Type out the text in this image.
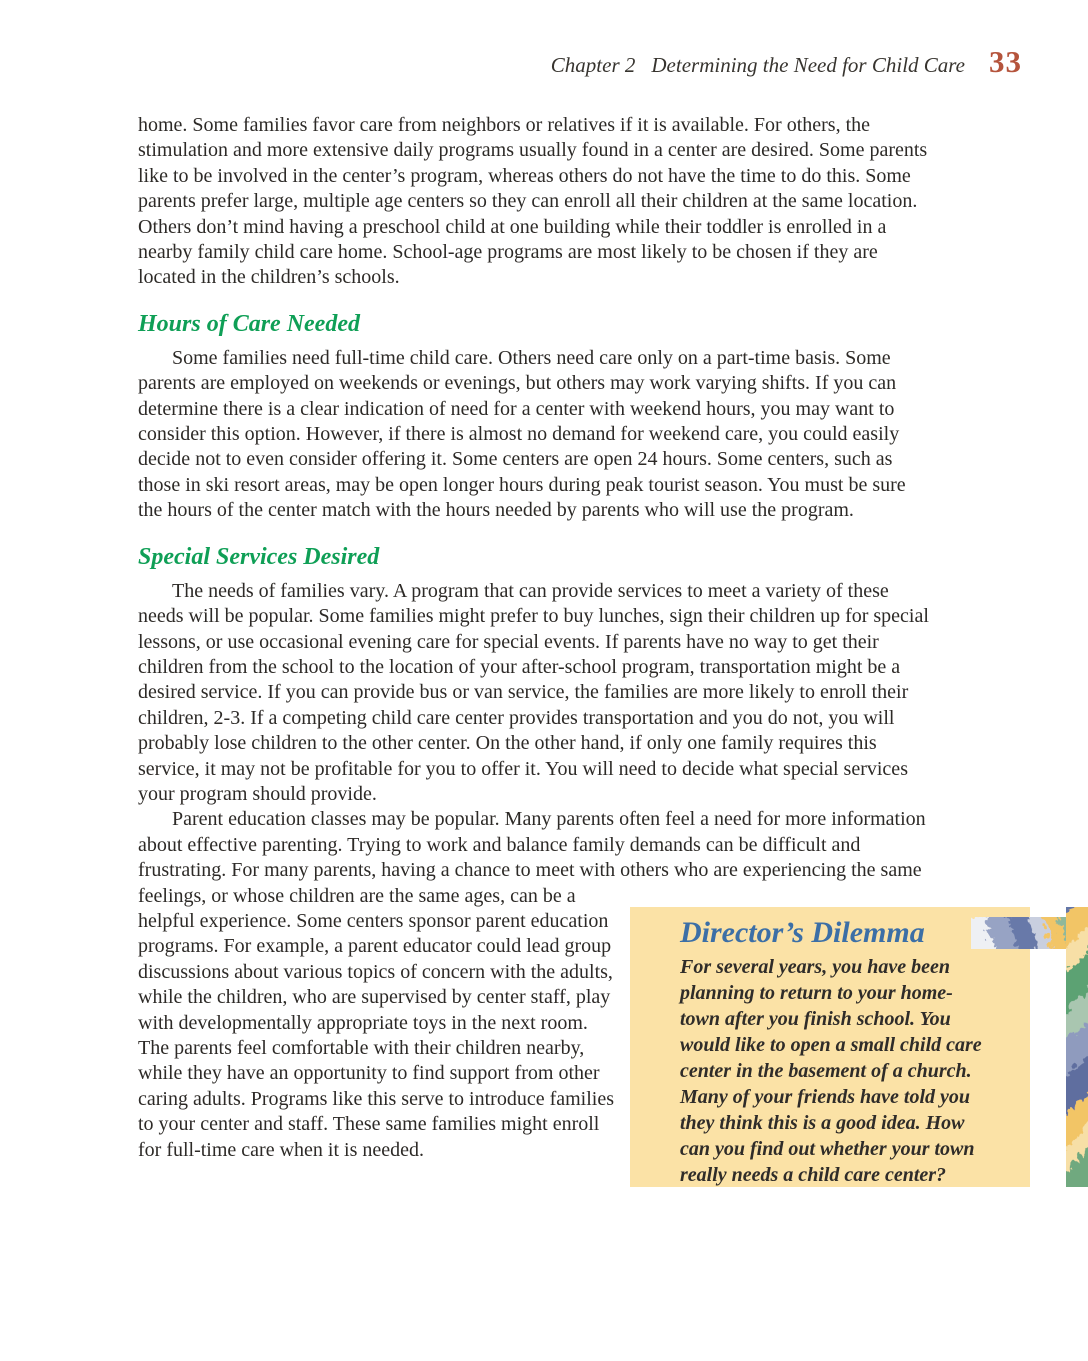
Chapter 2 Determining the Need for Child Care 33

home. Some families favor care from neighbors or relatives if it is available. For others, the stimulation and more extensive daily programs usually found in a center are desired. Some parents like to be involved in the center’s program, whereas others do not have the time to do this. Some parents prefer large, multiple age centers so they can enroll all their children at the same location. Others don’t mind having a preschool child at one building while their toddler is enrolled in a nearby family child care home. School-age programs are most likely to be chosen if they are located in the children’s schools.

Hours of Care Needed

Some families need full-time child care. Others need care only on a part-time basis. Some parents are employed on weekends or evenings, but others may work varying shifts. If you can determine there is a clear indication of need for a center with weekend hours, you may want to consider this option. However, if there is almost no demand for weekend care, you could easily decide not to even consider offering it. Some centers are open 24 hours. Some centers, such as those in ski resort areas, may be open longer hours during peak tourist season. You must be sure the hours of the center match with the hours needed by parents who will use the program.

Special Services Desired

The needs of families vary. A program that can provide services to meet a variety of these needs will be popular. Some families might prefer to buy lunches, sign their children up for special lessons, or use occasional evening care for special events. If parents have no way to get their children from the school to the location of your after-school program, transportation might be a desired service. If you can provide bus or van service, the families are more likely to enroll their children, 2-3. If a competing child care center provides transportation and you do not, you will probably lose children to the other center. On the other hand, if only one family requires this service, it may not be profitable for you to offer it. You will need to decide what special services your program should provide.

Director’s Dilemma
For several years, you have been
planning to return to your home-
town after you finish school. You
would like to open a small child care
center in the basement of a church.
Many of your friends have told you
they think this is a good idea. How
can you find out whether your town
really needs a child care center?
Parent education classes may be popular. Many parents often feel a need for more information about effective parenting. Trying to work and balance family demands can be difficult and frustrating. For many parents, having a chance to meet with others who are experiencing the same feelings, or whose children are the same ages, can be a helpful experience. Some centers sponsor parent education programs. For example, a parent educator could lead group discussions about various topics of concern with the adults, while the children, who are supervised by center staff, play with developmentally appropriate toys in the next room. The parents feel comfortable with their children nearby, while they have an opportunity to find support from other caring adults. Programs like this serve to introduce families to your center and staff. These same families might enroll for full-time care when it is needed.
